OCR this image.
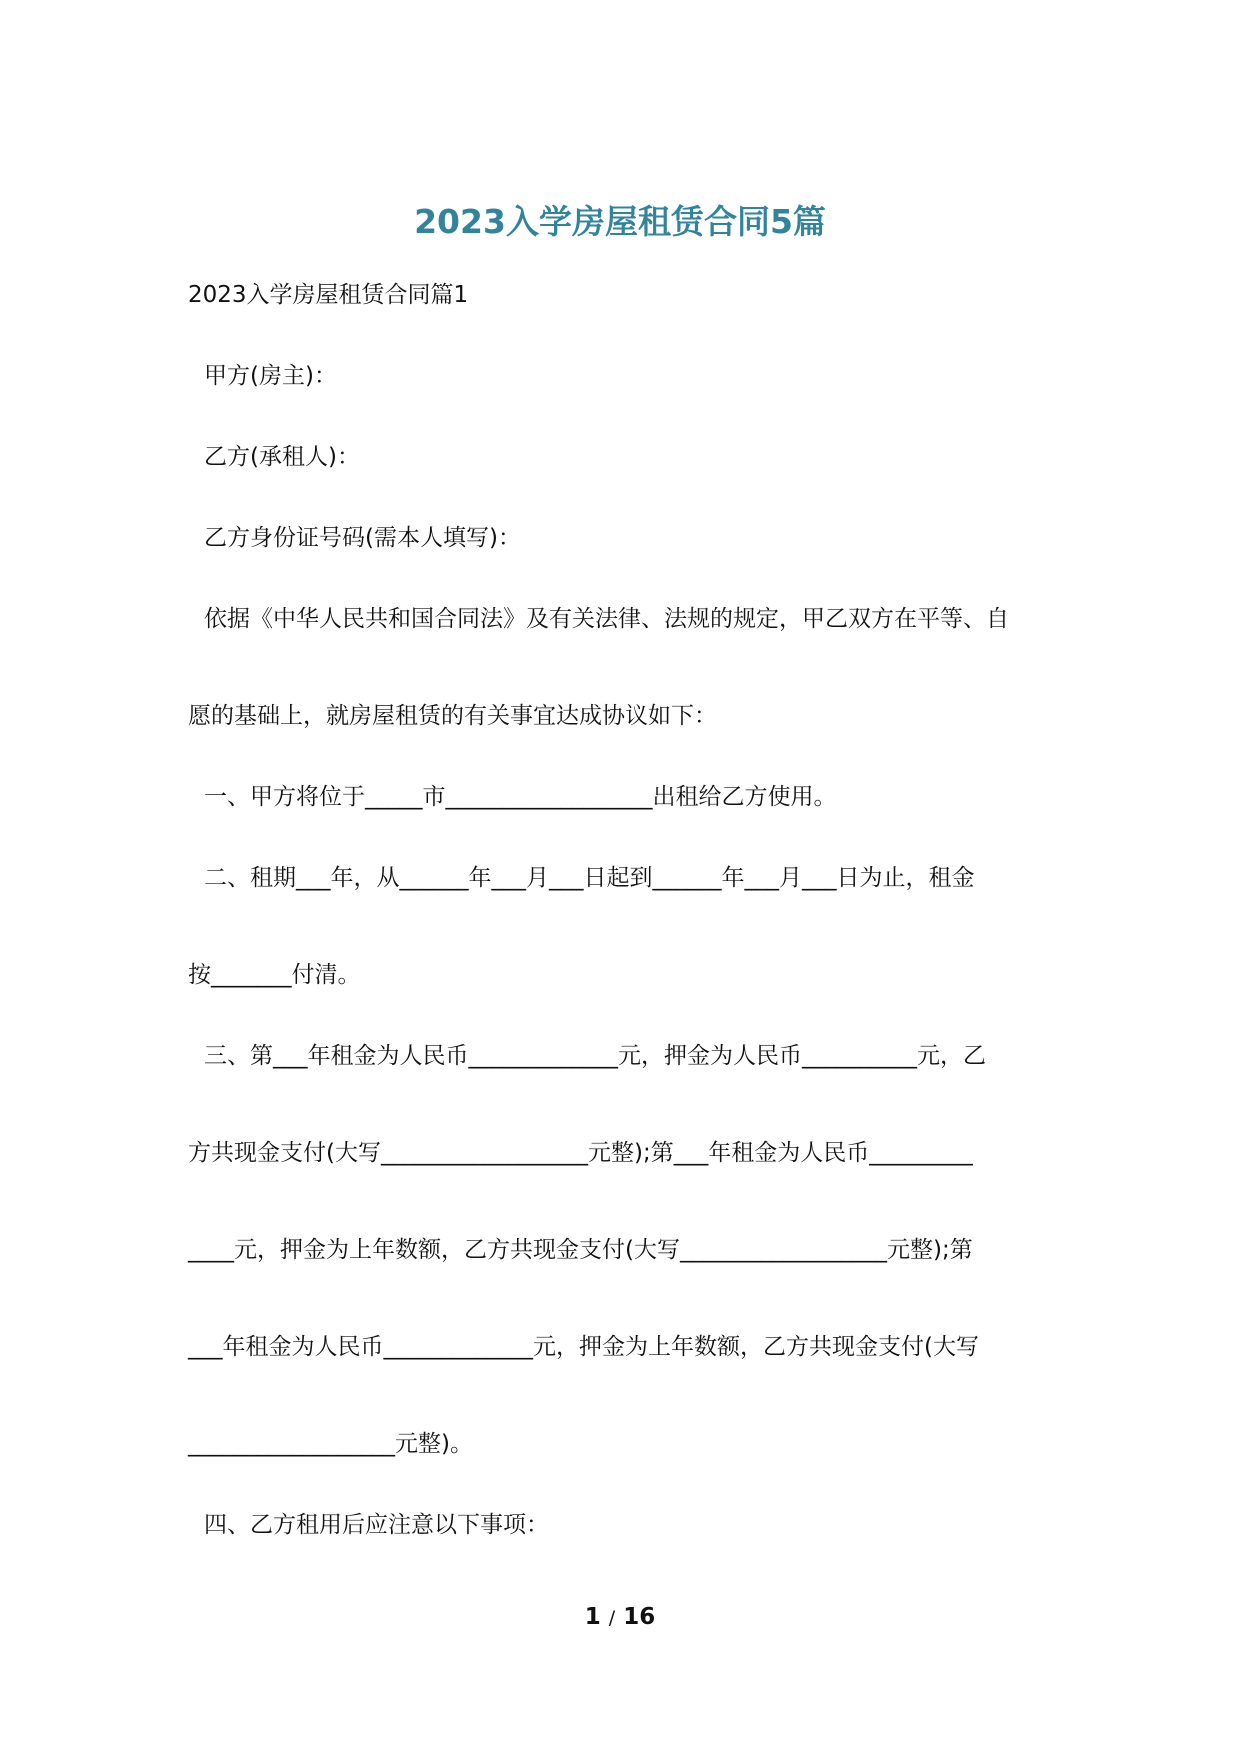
2023入学房屋租赁合同5篇
2023入学房屋租赁合同篇1
甲方(房主)：
乙方(承租人)：
乙方身份证号码(需本人填写)：
依据《中华人民共和国合同法》及有关法律、法规的规定，甲乙双方在平等、自
愿的基础上，就房屋租赁的有关事宜达成协议如下：
一、甲方将位于_____市__________________出租给乙方使用。
二、租期___年，从______年___月___日起到______年___月___日为止，租金
按_______付清。
三、第___年租金为人民币_____________元，押金为人民币__________元，乙
方共现金支付(大写__________________元整);第___年租金为人民币_________
____元，押金为上年数额，乙方共现金支付(大写__________________元整);第
___年租金为人民币_____________元，押金为上年数额，乙方共现金支付(大写
__________________元整)。
四、乙方租用后应注意以下事项：
1 / 16
